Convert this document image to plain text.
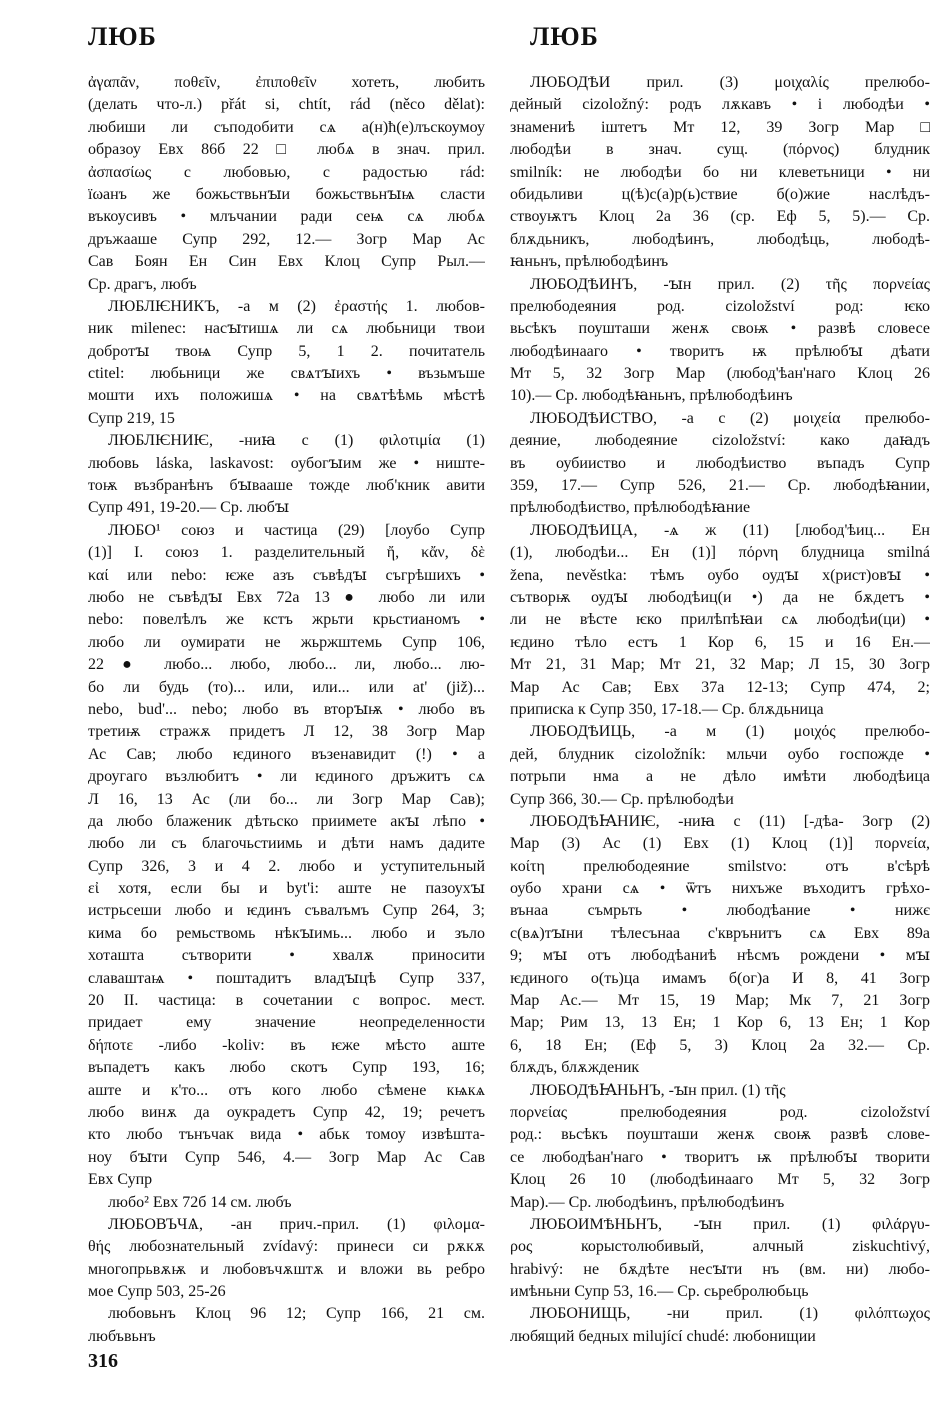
ЛЮБ	ЛЮБ
ἀγαπᾶν, ποθεῖν, ἐπιποθεῖν хотеть, любить
(делать что-л.) přát si, chtít, rád (něco dělat):
любиши ли съподобити сѧ а(н)ћ(е)лъскоумоу
образоу Евх 86б 22 □ любѧ в знач. прил.
ἀσπασίως с любовью, с радостью rád:
їωанъ же божьствьнꙑи божьствьнꙑѩ сласти
въкоусивъ • млъчании ради сеѩ сѧ любѧ
дръжааше Супр 292, 12.— Зогр Мар Ас
Сав Боян Ен Син Евх Клоц Супр Рыл.—
Ср. драгъ, любъ
ЛЮБЛѤНИКЪ, -а м (2) ἐραστής 1. любов-
ник milenec: насꙑтишѧ ли сѧ любьници твои
добротꙑ твоѩ Супр 5, 1 2. почитатель
ctitel: любьници же свѧтꙑихъ • възьмъше
мошти ихъ положишѧ • на свѧтѣѣмь мѣстѣ
Супр 219, 15
ЛЮБЛѤНИѤ, -ниꙗ с (1) φιλοτιμία (1)
любовь láska, laskavost: оубогꙑим же • ниште-
тоѭ възбранѣнъ бꙑвааше тожде люб'кник авити
Супр 491, 19-20.— Ср. любꙑ
ЛЮБО¹ союз и частица (29) [лоубо Супр
(1)] I. союз 1. разделительный ἤ, κἄν, δὲ
καί или nebo: ѥже азъ съвѣдꙑ съгрѣшихъ •
любо не съвѣдꙑ Евх 72а 13 ● любо ли или
nebo: повелѣлъ же кстъ жрьти крьстианомъ •
любо ли оумирати не жьржштемь Супр 106,
22 ● любо... любо, любо... ли, любо... лю-
бо ли будь (то)... или, или... или at' (již)...
nebo, bud'... nebo; любо въ вторꙑѭ • любо въ
третиѭ стражѫ придетъ Л 12, 38 Зогр Мар
Ас Сав; любо ѥдиного възенавидит (!) • а
дроугаго възлюбитъ • ли ѥдиного дръжитъ сѧ
Л 16, 13 Ас (ли бо... ли Зогр Мар Сав);
да любо блаженик дѣтьско приимете акꙑ лѣпо •
любо ли съ благочьстиимь и дѣти намъ дадите
Супр 326, 3 и 4 2. любо и уступительный
εἰ хотя, если бы и byt'i: аште не пазоухꙑ
истрьсеши любо и ѥдинъ съвалъмъ Супр 264, 3;
кима бо ремьствомь нѣкꙑимь... любо и зъло
хоташта сътворити • хвалѫ приносити
славаштаѩ • поштадитъ владꙑцѣ Супр 337,
20 II. частица: в сочетании с вопрос. мест.
придает ему значение неопределенности
δήποτε -либо -koliv: въ ѥже мѣсто аште
въпадетъ какъ любо скотъ Супр 193, 16;
аште и к'то... отъ кого любо сѣмене кѩкѧ
любо винѫ да оукрадетъ Супр 42, 19; речетъ
кто любо тънъчак вида • абьк томоу извѣшта-
ноу бꙑти Супр 546, 4.— Зогр Мар Ас Сав
Евх Супр
любо² Евх 72б 14 см. любъ
ЛЮБОВЪЧѦ, -ан прич.-прил. (1) φιλομα-
θής любознательный zvídavý: принеси си рѫкѫ
многопрьвѫѭ и любовъчѫштѫ и вложи вь ребро
мое Супр 503, 25-26
любовьнъ Клоц 96 12; Супр 166, 21 см.
любъвьнъ
ЛЮБОДѢИ прил. (3) μοιχαλίς прелюбо-
дейный cizoložný: родъ лѫкавъ • і любодѣи •
знамениѣ іштетъ Мт 12, 39 Зогр Мар □
любодѣи в знач. сущ. (πόρνος) блудник
smilník: не любодѣи бо ни клеветьници • ни
обидьливи ц(ѣ)с(а)р(ь)ствие б(о)жие наслѣдъ-
ствоуѭтъ Клоц 2а 36 (ср. Еф 5, 5).— Ср.
блѫдьникъ, любодѣинъ, любодѣць, любодѣ-
ꙗньнъ, прѣлюбодѣинъ
ЛЮБОДѢИНЪ, -ꙑн прил. (2) τῆς πορνείας
прелюбодеяния род. cizoložství род: ѥко
вьсѣкъ поушташи женѫ своѭ • развѣ словесе
любодѣинааго • творитъ ѭ прѣлюбꙑ дѣати
Мт 5, 32 Зогр Мар (любод'ѣан'наго Клоц 26
10).— Ср. любодѣꙗньнъ, прѣлюбодѣинъ
ЛЮБОДѢИСТВО, -а с (2) μοιχεία прелюбо-
деяние, любодеяние cizoložství: како даꙗдъ
въ оубииство и любодѣиство въпадъ Супр
359, 17.— Супр 526, 21.— Ср. любодѣꙗнии,
прѣлюбодѣиство, прѣлюбодѣꙗние
ЛЮБОДѢИЦА, -ѧ ж (11) [любод'ѣиц... Ен
(1), любодѣи... Ен (1)] πόρνη блудница smilná
žena, nevěstka: тѣмъ оубо оудꙑ х(рист)овꙑ •
сътворѭ оудꙑ любодѣиц(и •) да не бѫдетъ •
ли не вѣсте ѥко прилѣпѣꙗи сѧ любодѣи(ци) •
ѥдино тѣло естъ 1 Кор 6, 15 и 16 Ен.—
Мт 21, 31 Мар; Мт 21, 32 Мар; Л 15, 30 Зогр
Мар Ас Сав; Евх 37а 12-13; Супр 474, 2;
приписка к Супр 350, 17-18.— Ср. блѫдьница
ЛЮБОДѢИЦЬ, -а м (1) μοιχός прелюбо-
дей, блудник cizoložník: мльчи оубо госпожде •
потрьпи нма а не дѣло имѣти любодѣица
Супр 366, 30.— Ср. прѣлюбодѣи
ЛЮБОДѢꙖНИѤ, -ниꙗ с (11) [-дѣа- Зогр (2)
Мар (3) Ас (1) Евх (1) Клоц (1)] πορνεία,
κοίτη прелюбодеяние smilstvo: отъ в'сѣрѣ
оубо храни сѧ • ѿтъ нихъже въходитъ грѣхо-
вънаа съмрьть • любодѣание • нижє
с(вѧ)тꙑни тѣлесънаа с'кврънитъ сѧ Евх 89а
9; мꙑ отъ любодѣаниѣ нѣсмъ рождени • мꙑ
ѥдиного о(ть)ца имамъ б(ог)а И 8, 41 Зогр
Мар Ас.— Мт 15, 19 Мар; Мк 7, 21 Зогр
Мар; Рим 13, 13 Ен; 1 Кор 6, 13 Ен; 1 Кор
6, 18 Ен; (Еф 5, 3) Клоц 2а 32.— Ср.
блѫдъ, блѫжденик
ЛЮБОДѢꙖНЬНЪ, -ꙑн прил. (1) τῆς
πορνείας прелюбодеяния род. cizoložství
род.: вьсѣкъ поушташи женѫ своѭ развѣ слове-
се любодѣан'наго • творитъ ѭ прѣлюбꙑ творити
Клоц 26 10 (любодѣинааго Мт 5, 32 Зогр
Мар).— Ср. любодѣинъ, прѣлюбодѣинъ
ЛЮБОИМѢНЬНЪ, -ꙑн прил. (1) φιλάργυ-
ρος корыстолюбивый, алчный ziskuchtivý,
hrabivý: не бѫдѣте несꙑти нъ (вм. ни) любо-
имѣньни Супр 53, 16.— Ср. сьребролюбьць
ЛЮБОНИЩЬ, -ни прил. (1) φιλόπτωχος
любящий бедных milující chudé: любонищии
316
